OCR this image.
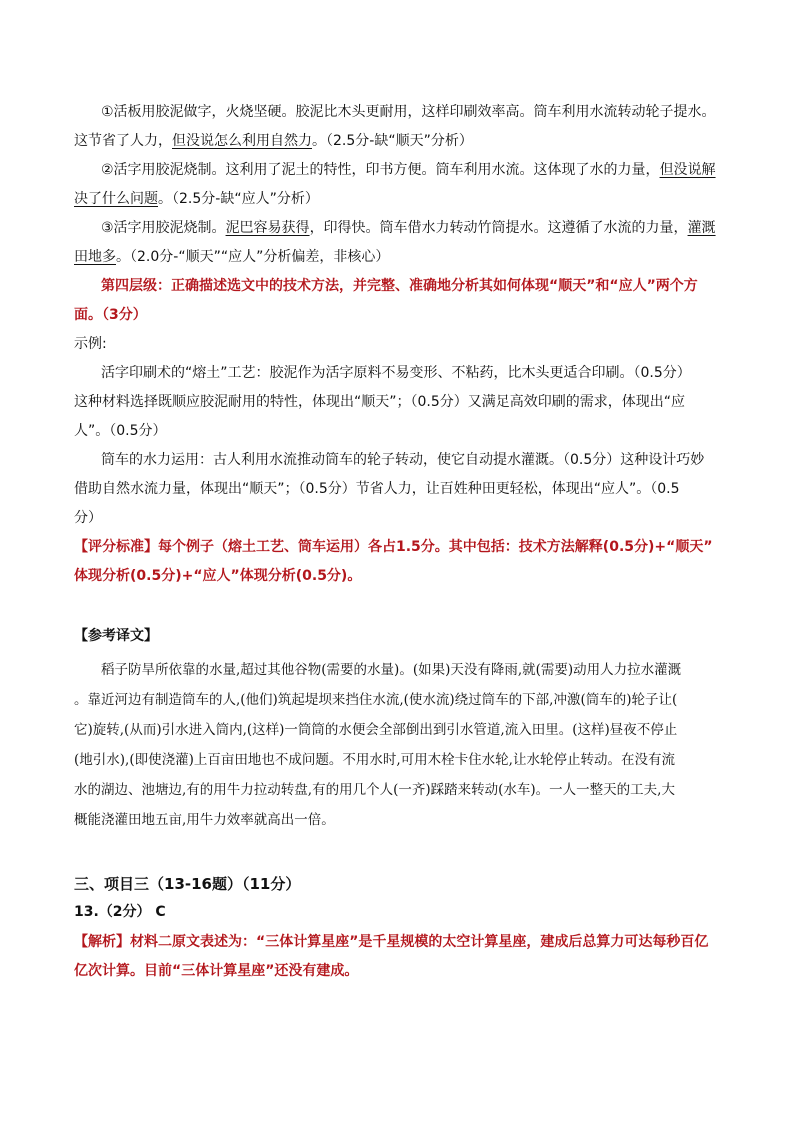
①活板用胶泥做字，火烧坚硬。胶泥比木头更耐用，这样印刷效率高。筒车利用水流转动轮子提水。
这节省了人力，但没说怎么利用自然力。（2.5分-缺“顺天”分析）
②活字用胶泥烧制。这利用了泥土的特性，印书方便。筒车利用水流。这体现了水的力量，但没说解
决了什么问题。（2.5分-缺“应人”分析）
③活字用胶泥烧制。泥巴容易获得，印得快。筒车借水力转动竹筒提水。这遵循了水流的力量，灌溉
田地多。（2.0分-“顺天”“应人”分析偏差，非核心）
第四层级：正确描述选文中的技术方法，并完整、准确地分析其如何体现“顺天”和“应人”两个方
面。（3分）
示例:
活字印刷术的“熔土”工艺：胶泥作为活字原料不易变形、不粘药，比木头更适合印刷。（0.5分）
这种材料选择既顺应胶泥耐用的特性，体现出“顺天”；（0.5分）又满足高效印刷的需求，体现出“应
人”。（0.5分）
筒车的水力运用：古人利用水流推动筒车的轮子转动，使它自动提水灌溉。（0.5分）这种设计巧妙
借助自然水流力量，体现出“顺天”；（0.5分）节省人力，让百姓种田更轻松，体现出“应人”。（0.5
分）
【评分标准】每个例子（熔土工艺、筒车运用）各占1.5分。其中包括：技术方法解释(0.5分)+“顺天”
体现分析(0.5分)+“应人”体现分析(0.5分)。
【参考译文】
稻子防旱所依靠的水量,超过其他谷物(需要的水量)。(如果)天没有降雨,就(需要)动用人力拉水灌溉
。靠近河边有制造筒车的人,(他们)筑起堤坝来挡住水流,(使水流)绕过筒车的下部,冲激(筒车的)轮子让(
它)旋转,(从而)引水进入筒内,(这样)一筒筒的水便会全部倒出到引水管道,流入田里。(这样)昼夜不停止
(地引水),(即使浇灌)上百亩田地也不成问题。不用水时,可用木栓卡住水轮,让水轮停止转动。在没有流
水的湖边、池塘边,有的用牛力拉动转盘,有的用几个人(一齐)踩踏来转动(水车)。一人一整天的工夫,大
概能浇灌田地五亩,用牛力效率就高出一倍。
三、项目三（13-16题）（11分）
13.（2分） C
【解析】材料二原文表述为：“三体计算星座”是千星规模的太空计算星座，建成后总算力可达每秒百亿
亿次计算。目前“三体计算星座”还没有建成。
